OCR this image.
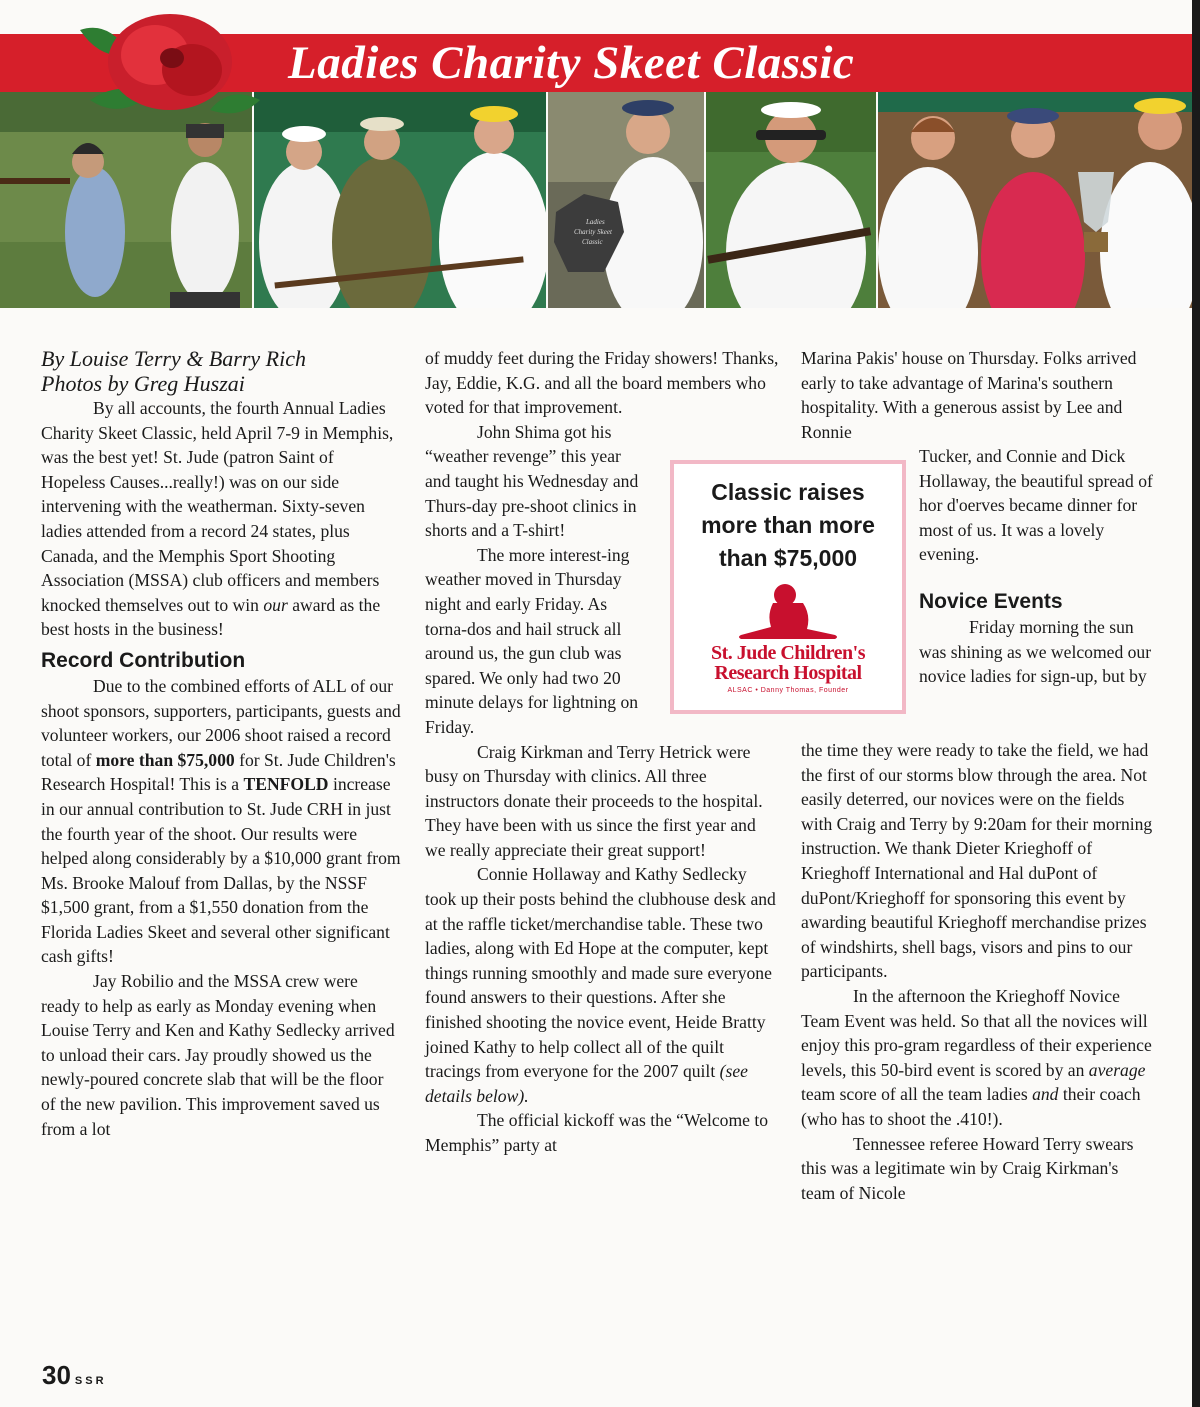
Ladies
Charity Skeet
Classic
Ladies Charity Skeet Classic

By Louise Terry & Barry Rich
Photos by Greg Huszai

By all accounts, the fourth Annual Ladies Charity Skeet Classic, held April 7-9 in Memphis, was the best yet! St. Jude (patron Saint of Hopeless Causes...really!) was on our side intervening with the weatherman. Sixty-seven ladies attended from a record 24 states, plus Canada, and the Memphis Sport Shooting Association (MSSA) club officers and members knocked themselves out to win our award as the best hosts in the business!

Record Contribution

Due to the combined efforts of ALL of our shoot sponsors, supporters, participants, guests and volunteer workers, our 2006 shoot raised a record total of more than $75,000 for St. Jude Children's Research Hospital! This is a TENFOLD increase in our annual contribution to St. Jude CRH in just the fourth year of the shoot. Our results were helped along considerably by a $10,000 grant from Ms. Brooke Malouf from Dallas, by the NSSF $1,500 grant, from a $1,550 donation from the Florida Ladies Skeet and several other significant cash gifts!

Jay Robilio and the MSSA crew were ready to help as early as Monday evening when Louise Terry and Ken and Kathy Sedlecky arrived to unload their cars. Jay proudly showed us the newly-poured concrete slab that will be the floor of the new pavilion. This improvement saved us from a lot

of muddy feet during the Friday showers! Thanks, Jay, Eddie, K.G. and all the board members who voted for that improvement.

John Shima got his “weather revenge” this year and taught his Wednesday and Thurs-day pre-shoot clinics in shorts and a T-shirt!

The more interest-ing weather moved in Thursday night and early Friday. As torna-dos and hail struck all around us, the gun club was spared. We only had two 20 minute delays for lightning on Friday.

Craig Kirkman and Terry Hetrick were busy on Thursday with clinics. All three instructors donate their proceeds to the hospital. They have been with us since the first year and we really appreciate their great support!

Connie Hollaway and Kathy Sedlecky took up their posts behind the clubhouse desk and at the raffle ticket/merchandise table. These two ladies, along with Ed Hope at the computer, kept things running smoothly and made sure everyone found answers to their questions. After she finished shooting the novice event, Heide Bratty joined Kathy to help collect all of the quilt tracings from everyone for the 2007 quilt (see details below).

The official kickoff was the “Welcome to Memphis” party at

Classic raises
more than more
than $75,000
St. Jude Children's
Research Hospital
ALSAC • Danny Thomas, Founder

Marina Pakis' house on Thursday. Folks arrived early to take advantage of Marina's southern hospitality. With a generous assist by Lee and Ronnie

Tucker, and Connie and Dick Hollaway, the beautiful spread of hor d'oerves became dinner for most of us. It was a lovely evening.

Novice Events

Friday morning the sun was shining as we welcomed our novice ladies for sign-up, but by

the time they were ready to take the field, we had the first of our storms blow through the area. Not easily deterred, our novices were on the fields with Craig and Terry by 9:20am for their morning instruction. We thank Dieter Krieghoff of Krieghoff International and Hal duPont of duPont/Krieghoff for sponsoring this event by awarding beautiful Krieghoff merchandise prizes of windshirts, shell bags, visors and pins to our participants.

In the afternoon the Krieghoff Novice Team Event was held. So that all the novices will enjoy this pro-gram regardless of their experience levels, this 50-bird event is scored by an average team score of all the team ladies and their coach (who has to shoot the .410!).

Tennessee referee Howard Terry swears this was a legitimate win by Craig Kirkman's team of Nicole

30 SSR
